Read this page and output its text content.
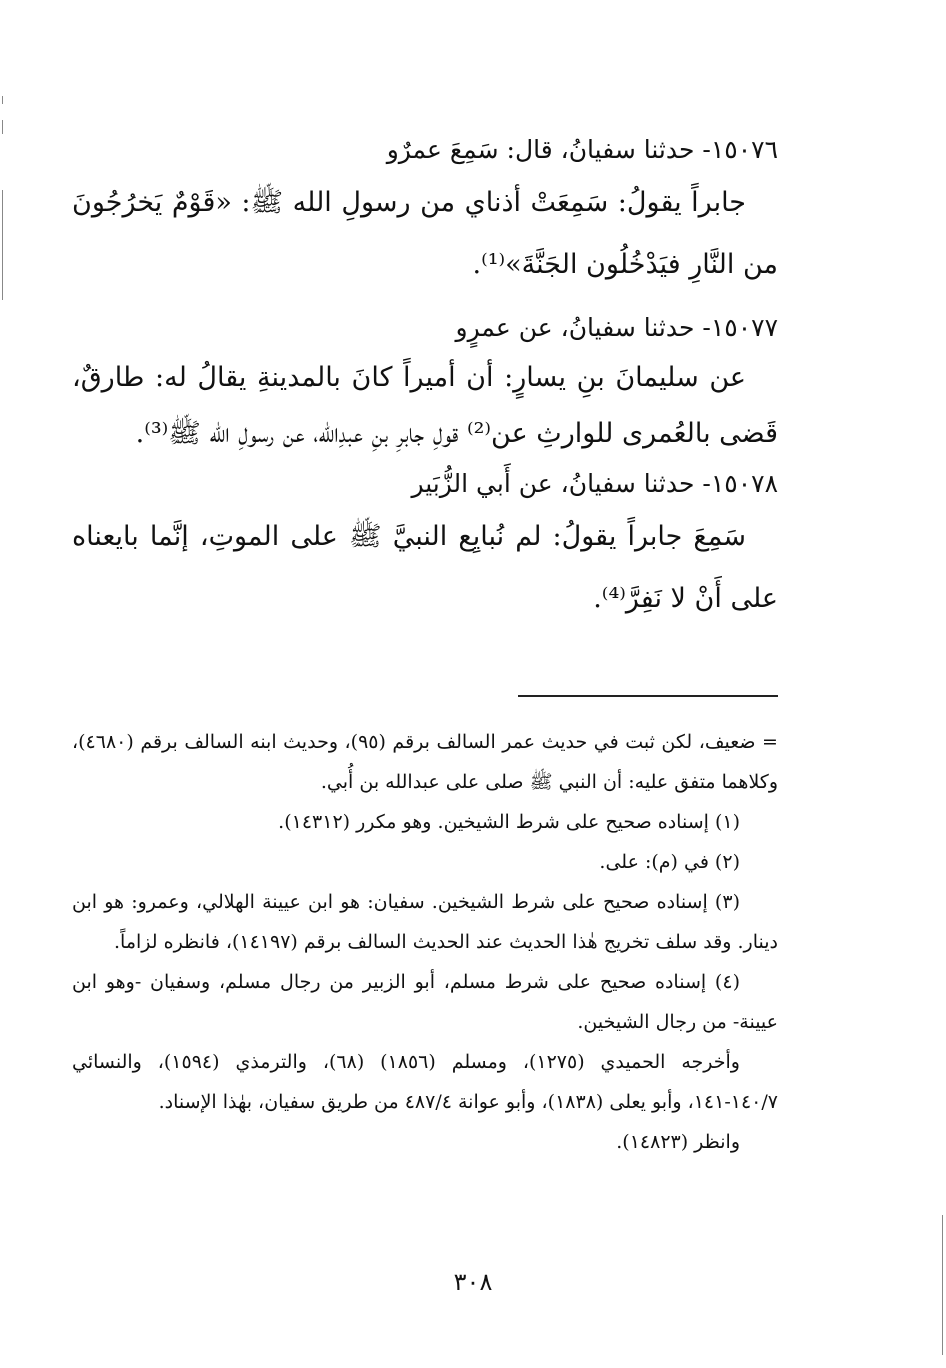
١٥٠٧٦- حدثنا سفيانُ، قال: سَمِعَ عمرٌو

جابراً يقولُ: سَمِعَتْ أذناي من رسولِ الله ﷺ: «قَوْمٌ يَخرُجُونَ من النَّارِ فيَدْخُلُون الجَنَّةَ»⁽¹⁾.

١٥٠٧٧- حدثنا سفيانُ، عن عمرٍو

عن سليمانَ بنِ يسارٍ: أن أميراً كانَ بالمدينةِ يقالُ له: طارقٌ، قَضى بالعُمرى للوارثِ عن⁽²⁾ قولِ جابرِ بنِ عبدِالله، عن رسولِ الله ﷺ⁽³⁾.

١٥٠٧٨- حدثنا سفيانُ، عن أَبي الزُّبَير

سَمِعَ جابراً يقولُ: لم نُبايِع النبيَّ ﷺ على الموتِ، إنَّما بايعناه على أَنْ لا نَفِرَّ⁽⁴⁾.

= ضعيف، لكن ثبت في حديث عمر السالف برقم (٩٥)، وحديث ابنه السالف برقم (٤٦٨٠)، وكلاهما متفق عليه: أن النبي ﷺ صلى على عبدالله بن أُبي.

(١) إسناده صحيح على شرط الشيخين. وهو مكرر (١٤٣١٢).

(٢) في (م): على.

(٣) إسناده صحيح على شرط الشيخين. سفيان: هو ابن عيينة الهلالي، وعمرو: هو ابن دينار. وقد سلف تخريج هٰذا الحديث عند الحديث السالف برقم (١٤١٩٧)، فانظره لزاماً.

(٤) إسناده صحيح على شرط مسلم، أبو الزبير من رجال مسلم، وسفيان -وهو ابن عيينة- من رجال الشيخين.

وأخرجه الحميدي (١٢٧٥)، ومسلم (١٨٥٦) (٦٨)، والترمذي (١٥٩٤)، والنسائي ١٤٠/٧-١٤١، وأبو يعلى (١٨٣٨)، وأبو عوانة ٤٨٧/٤ من طريق سفيان، بهٰذا الإسناد.

وانظر (١٤٨٢٣).

٣٠٨
